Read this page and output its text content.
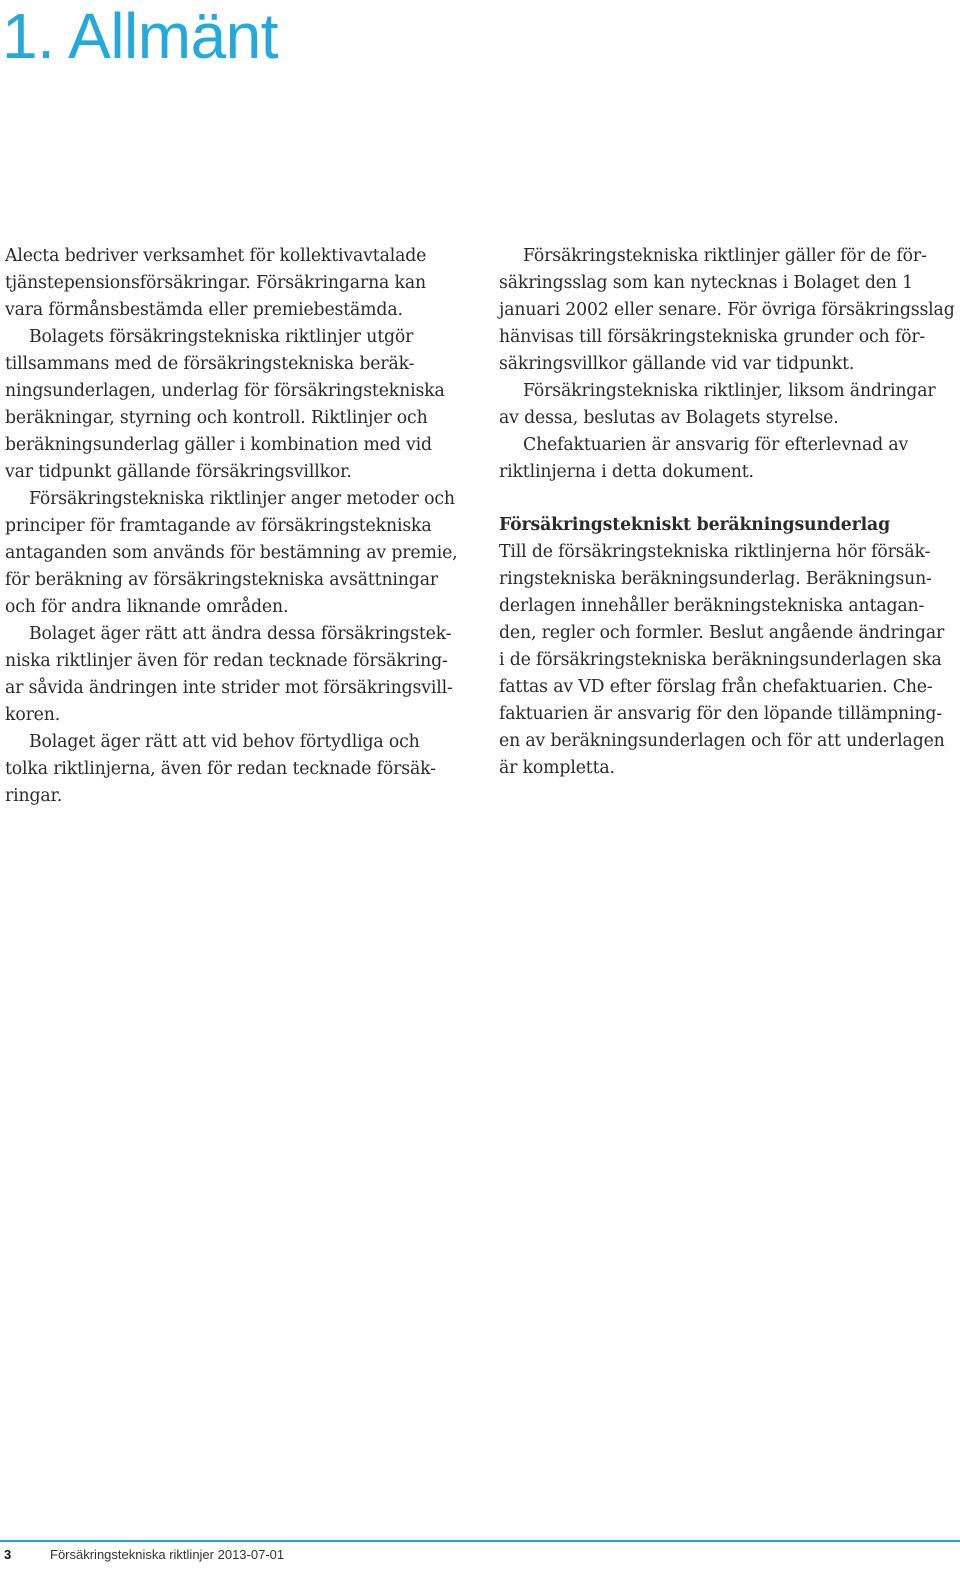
1. Allmänt
Alecta bedriver verksamhet för kollektivavtalade
tjänstepensionsförsäkringar. Försäkringarna kan
vara förmånsbestämda eller premiebestämda.
Bolagets försäkringstekniska riktlinjer utgör
tillsammans med de försäkringstekniska beräk-
ningsunderlagen, underlag för försäkringstekniska
beräkningar, styrning och kontroll. Riktlinjer och
beräkningsunderlag gäller i kombination med vid
var tidpunkt gällande försäkringsvillkor.
Försäkringstekniska riktlinjer anger metoder och
principer för framtagande av försäkringstekniska
antaganden som används för bestämning av premie,
för beräkning av försäkringstekniska avsättningar
och för andra liknande områden.
Bolaget äger rätt att ändra dessa försäkringstek-
niska riktlinjer även för redan tecknade försäkring-
ar såvida ändringen inte strider mot försäkringsvill-
koren.
Bolaget äger rätt att vid behov förtydliga och
tolka riktlinjerna, även för redan tecknade försäk-
ringar.
Försäkringstekniska riktlinjer gäller för de för-
säkringsslag som kan nytecknas i Bolaget den 1
januari 2002 eller senare. För övriga försäkringsslag
hänvisas till försäkringstekniska grunder och för-
säkringsvillkor gällande vid var tidpunkt.
Försäkringstekniska riktlinjer, liksom ändringar
av dessa, beslutas av Bolagets styrelse.
Chefaktuarien är ansvarig för efterlevnad av
riktlinjerna i detta dokument.
Försäkringstekniskt beräkningsunderlag
Till de försäkringstekniska riktlinjerna hör försäk-
ringstekniska beräkningsunderlag. Beräkningsun-
derlagen innehåller beräkningstekniska antagan-
den, regler och formler. Beslut angående ändringar
i de försäkringstekniska beräkningsunderlagen ska
fattas av VD efter förslag från chefaktuarien. Che-
faktuarien är ansvarig för den löpande tillämpning-
en av beräkningsunderlagen och för att underlagen
är kompletta.
3	Försäkringstekniska riktlinjer 2013-07-01
